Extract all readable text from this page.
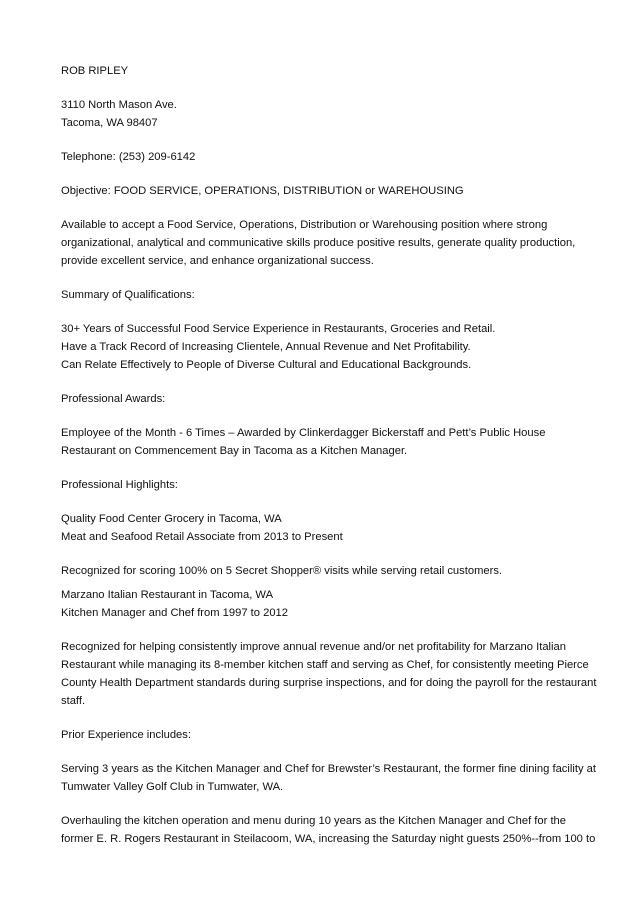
ROB RIPLEY

3110 North Mason Ave.
Tacoma, WA 98407

Telephone: (253) 209-6142

Objective: FOOD SERVICE, OPERATIONS, DISTRIBUTION or WAREHOUSING

Available to accept a Food Service, Operations, Distribution or Warehousing position where strong
organizational, analytical and communicative skills produce positive results, generate quality production,
provide excellent service, and enhance organizational success.

Summary of Qualifications:

30+ Years of Successful Food Service Experience in Restaurants, Groceries and Retail.
Have a Track Record of Increasing Clientele, Annual Revenue and Net Profitability.
Can Relate Effectively to People of Diverse Cultural and Educational Backgrounds.

Professional Awards:

Employee of the Month - 6 Times – Awarded by Clinkerdagger Bickerstaff and Pett’s Public House
Restaurant on Commencement Bay in Tacoma as a Kitchen Manager.

Professional Highlights:

Quality Food Center Grocery in Tacoma, WA
Meat and Seafood Retail Associate from 2013 to Present

Recognized for scoring 100% on 5 Secret Shopper® visits while serving retail customers.

Marzano Italian Restaurant in Tacoma, WA
Kitchen Manager and Chef from 1997 to 2012

Recognized for helping consistently improve annual revenue and/or net profitability for Marzano Italian
Restaurant while managing its 8-member kitchen staff and serving as Chef, for consistently meeting Pierce
County Health Department standards during surprise inspections, and for doing the payroll for the restaurant
staff.

Prior Experience includes:

Serving 3 years as the Kitchen Manager and Chef for Brewster’s Restaurant, the former fine dining facility at
Tumwater Valley Golf Club in Tumwater, WA.

Overhauling the kitchen operation and menu during 10 years as the Kitchen Manager and Chef for the
former E. R. Rogers Restaurant in Steilacoom, WA, increasing the Saturday night guests 250%--from 100 to
